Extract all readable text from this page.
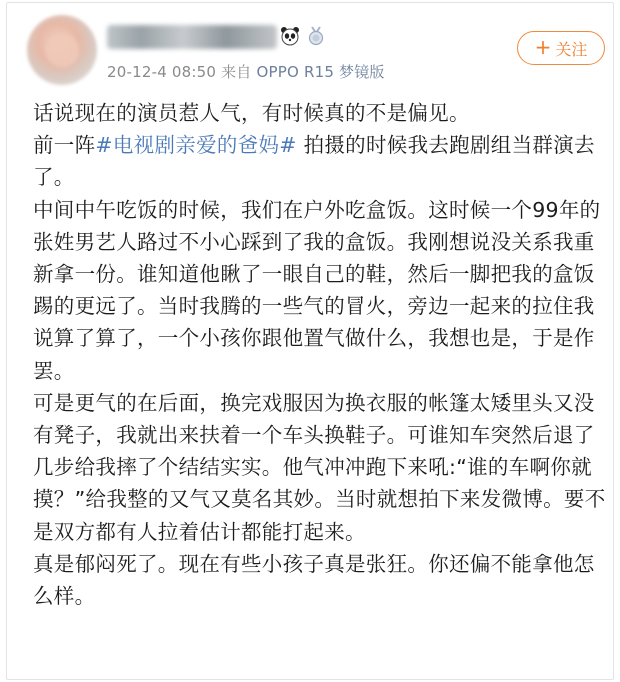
20-12-4 08:50 来自 OPPO R15 梦镜版
+ 关注

话说现在的演员惹人气，有时候真的不是偏见。

前一阵#电视剧亲爱的爸妈# 拍摄的时候我去跑剧组当群演去了。

中间中午吃饭的时候，我们在户外吃盒饭。这时候一个99年的张姓男艺人路过不小心踩到了我的盒饭。我刚想说没关系我重新拿一份。谁知道他瞅了一眼自己的鞋，然后一脚把我的盒饭踢的更远了。当时我腾的一些气的冒火，旁边一起来的拉住我说算了算了，一个小孩你跟他置气做什么，我想也是，于是作罢。

可是更气的在后面，换完戏服因为换衣服的帐篷太矮里头又没有凳子，我就出来扶着一个车头换鞋子。可谁知车突然后退了几步给我摔了个结结实实。他气冲冲跑下来吼:“谁的车啊你就摸？”给我整的又气又莫名其妙。当时就想拍下来发微博。要不是双方都有人拉着估计都能打起来。

真是郁闷死了。现在有些小孩子真是张狂。你还偏不能拿他怎么样。
